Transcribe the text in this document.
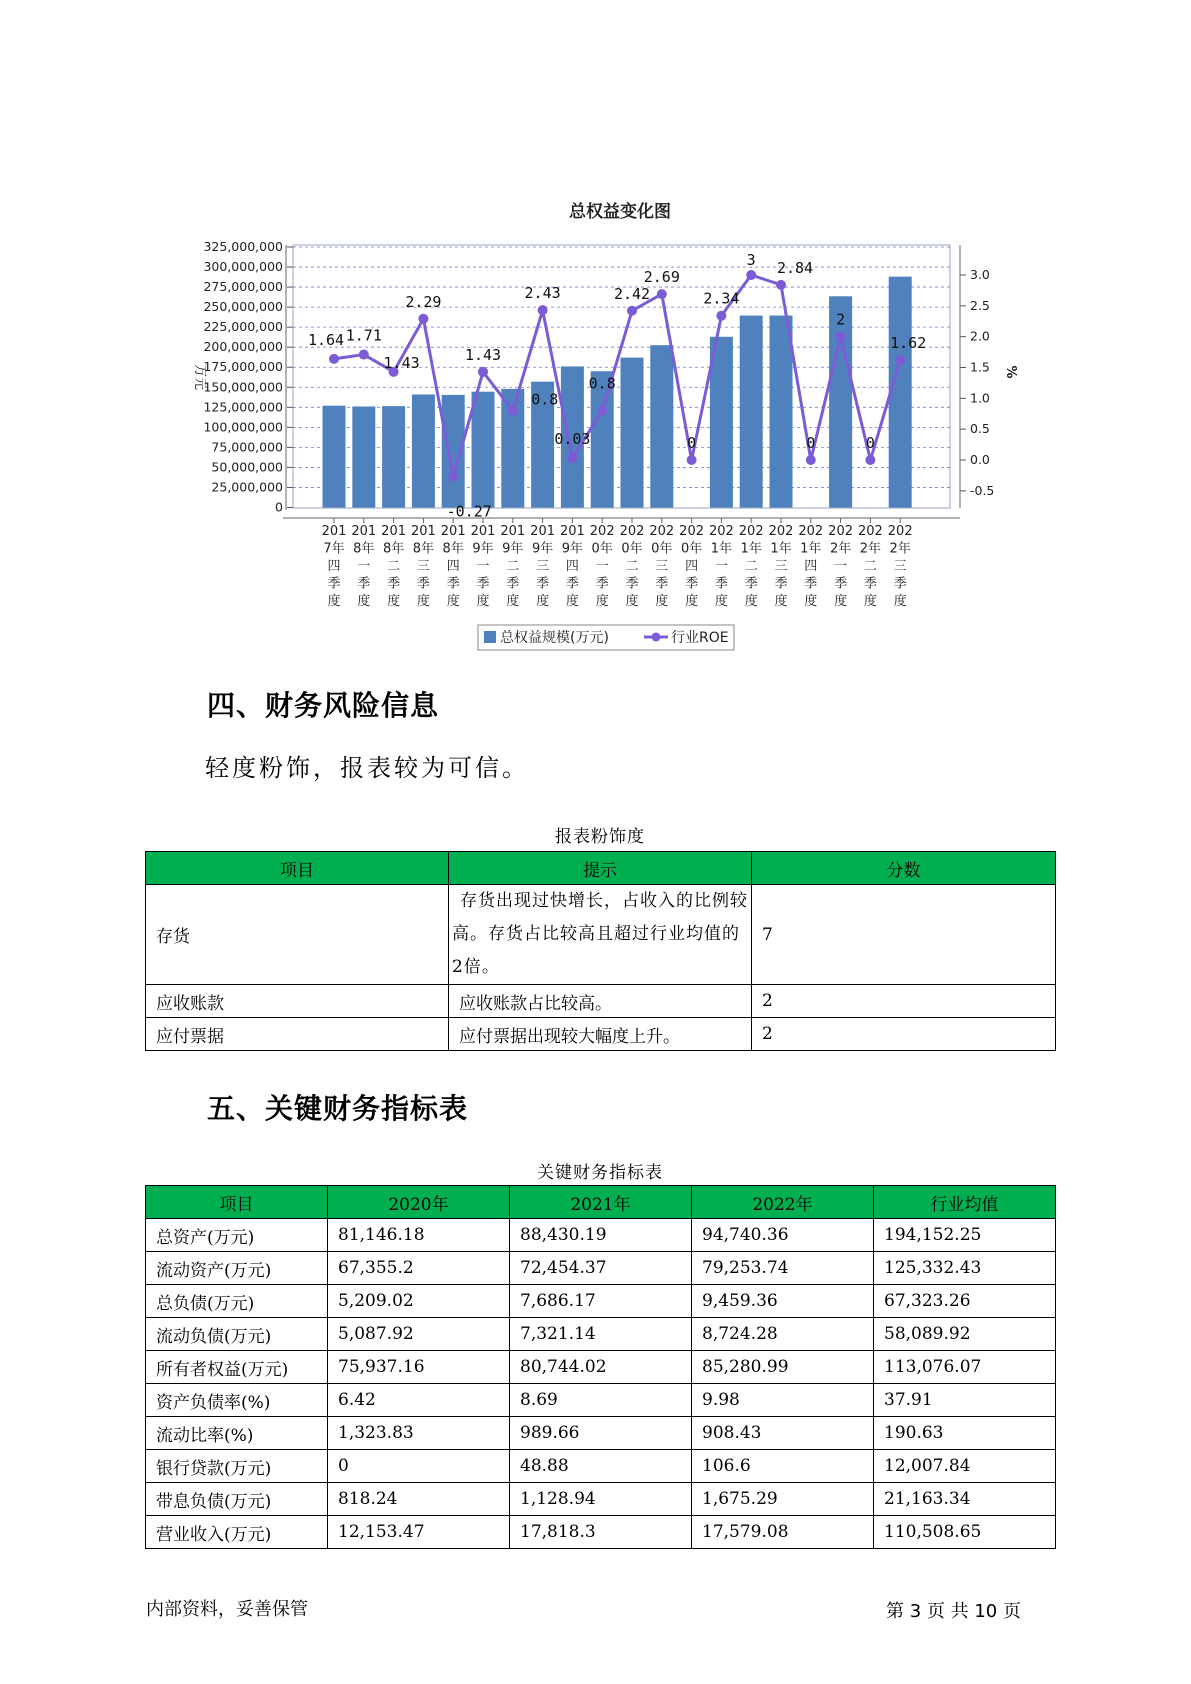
总权益变化图
0
25,000,000
50,000,000
75,000,000
100,000,000
125,000,000
150,000,000
175,000,000
200,000,000
225,000,000
250,000,000
275,000,000
300,000,000
325,000,000
-0.5
0.0
0.5
1.0
1.5
2.0
2.5
3.0
万元	%
201
7年
四
季
度
201
8年
一
季
度
201
8年
二
季
度
201
8年
三
季
度
201
8年
四
季
度
201
9年
一
季
度
201
9年
二
季
度
201
9年
三
季
度
201
9年
四
季
度
202
0年
一
季
度
202
0年
二
季
度
202
0年
三
季
度
202
0年
四
季
度
202
1年
一
季
度
202
1年
二
季
度
202
1年
三
季
度
202
1年
四
季
度
202
2年
一
季
度
202
2年
二
季
度
202
2年
三
季
度
1.64 1.71
1.43
2.29
-0.27
1.43
0.8
2.43
0.03
0.8
2.42
2.69
0
2.34
3 2.84
0
2
0
1.62
总权益规模(万元)	行业ROE
四、财务风险信息
轻度粉饰，报表较为可信。
报表粉饰度
项目	提示	分数
存货	存货出现过快增长，占收入的比例较高。存货占比较高且超过行业均值的2倍。	7
应收账款	应收账款占比较高。	2
应付票据	应付票据出现较大幅度上升。	2
五、关键财务指标表
关键财务指标表
项目	2020年	2021年	2022年	行业均值
总资产(万元)	81,146.18	88,430.19	94,740.36	194,152.25
流动资产(万元)	67,355.2	72,454.37	79,253.74	125,332.43
总负债(万元)	5,209.02	7,686.17	9,459.36	67,323.26
流动负债(万元)	5,087.92	7,321.14	8,724.28	58,089.92
所有者权益(万元)	75,937.16	80,744.02	85,280.99	113,076.07
资产负债率(%)	6.42	8.69	9.98	37.91
流动比率(%)	1,323.83	989.66	908.43	190.63
银行贷款(万元)	0	48.88	106.6	12,007.84
带息负债(万元)	818.24	1,128.94	1,675.29	21,163.34
营业收入(万元)	12,153.47	17,818.3	17,579.08	110,508.65
内部资料，妥善保管	第 3 页 共 10 页
